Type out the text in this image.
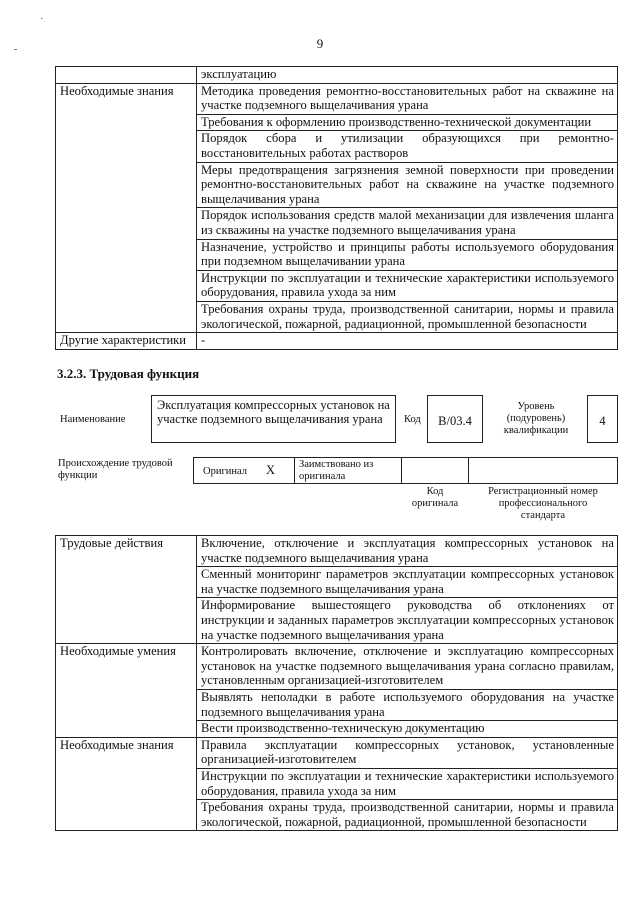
9
·
-

	эксплуатацию

Необходимые знания	Методика проведения ремонтно-восстановительных работ на скважине на участке подземного выщелачивания урана

	Требования к оформлению производственно-технической документации

	Порядок сбора и утилизации образующихся при ремонтно-восстановительных работах растворов

	Меры предотвращения загрязнения земной поверхности при проведении ремонтно-восстановительных работ на скважине на участке подземного выщелачивания урана

	Порядок использования средств малой механизации для извлечения шланга из скважины на участке подземного выщелачивания урана

	Назначение, устройство и принципы работы используемого оборудования при подземном выщелачивании урана

	Инструкции по эксплуатации и технические характеристики используемого оборудования, правила ухода за ним

	Требования охраны труда, производственной санитарии, нормы и правила экологической, пожарной, радиационной, промышленной безопасности

Другие характеристики	-
3.2.3. Трудовая функция
Наименование
Эксплуатация компрессорных установок на участке подземного выщелачивания урана	Код	В/03.4
Уровень (подуровень) квалификации
4
Происхождение трудовой функции	Оригинал X Заимствовано из оригинала
Код оригинала
Регистрационный номер профессионального стандарта
Трудовые действия	Включение, отключение и эксплуатация компрессорных установок на участке подземного выщелачивания урана

	Сменный мониторинг параметров эксплуатации компрессорных установок на участке подземного выщелачивания урана

	Информирование вышестоящего руководства об отклонениях от инструкции и заданных параметров эксплуатации компрессорных установок на участке подземного выщелачивания урана

Необходимые умения	Контролировать включение, отключение и эксплуатацию компрессорных установок на участке подземного выщелачивания урана согласно правилам, установленным организацией-изготовителем

	Выявлять неполадки в работе используемого оборудования на участке подземного выщелачивания урана

	Вести производственно-техническую документацию

Необходимые знания	Правила эксплуатации компрессорных установок, установленные организацией-изготовителем

	Инструкции по эксплуатации и технические характеристики используемого оборудования, правила ухода за ним

	Требования охраны труда, производственной санитарии, нормы и правила экологической, пожарной, радиационной, промышленной безопасности
